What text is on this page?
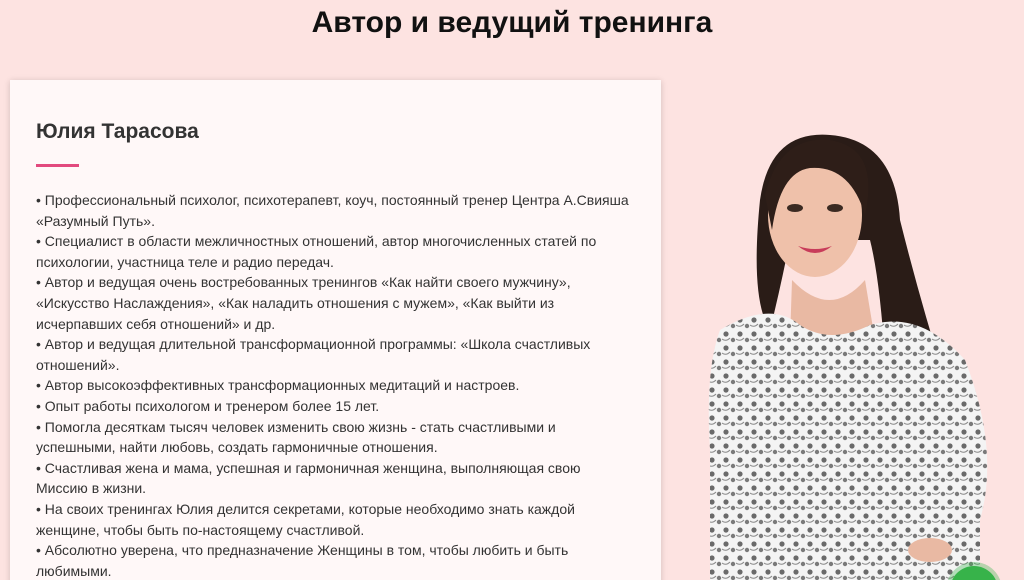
Автор и ведущий тренинга
Юлия Тарасова
• Профессиональный психолог, психотерапевт, коуч, постоянный тренер Центра А.Свияша «Разумный Путь».
• Специалист в области межличностных отношений, автор многочисленных статей по психологии, участница теле и радио передач.
• Автор и ведущая очень востребованных тренингов «Как найти своего мужчину», «Искусство Наслаждения», «Как наладить отношения с мужем», «Как выйти из исчерпавших себя отношений» и др.
• Автор и ведущая длительной трансформационной программы: «Школа счастливых отношений».
• Автор высокоэффективных трансформационных медитаций и настроев.
• Опыт работы психологом и тренером более 15 лет.
• Помогла десяткам тысяч человек изменить свою жизнь - стать счастливыми и успешными, найти любовь, создать гармоничные отношения.
• Счастливая жена и мама, успешная и гармоничная женщина, выполняющая свою Миссию в жизни.
• На своих тренингах Юлия делится секретами, которые необходимо знать каждой женщине, чтобы быть по-настоящему счастливой.
• Абсолютно уверена, что предназначение Женщины в том, чтобы любить и быть любимыми.
